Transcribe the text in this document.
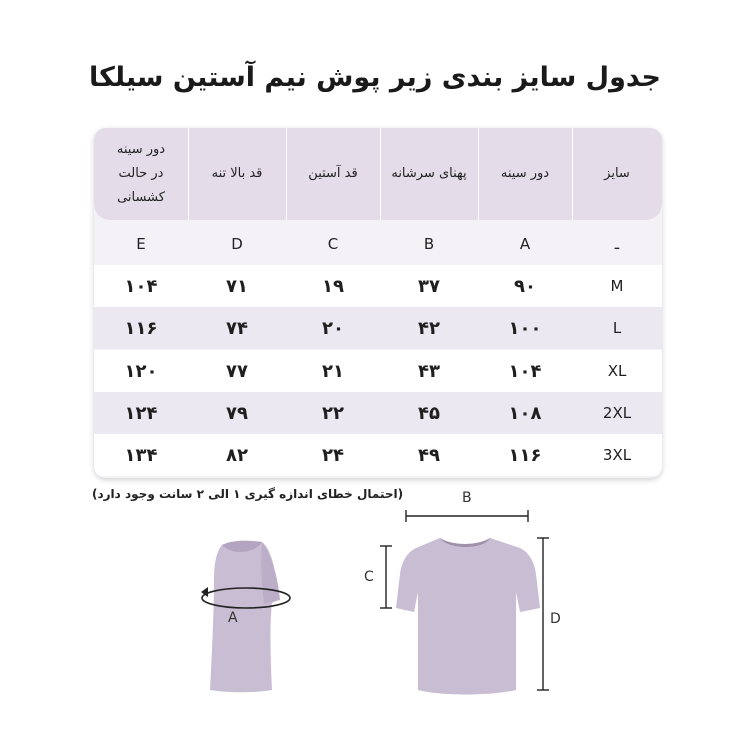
جدول سایز بندی زیر پوش نیم آستین سیلکا
سایز
دور سینه
پهنای سرشانه
قد آستین
قد بالا تنه
دور سینه
در حالت
کشسانی
ـ
A
B
C
D
E
M
۹۰
۳۷
۱۹
۷۱
۱۰۴
L
۱۰۰
۴۲
۲۰
۷۴
۱۱۶
XL
۱۰۴
۴۳
۲۱
۷۷
۱۲۰
2XL
۱۰۸
۴۵
۲۲
۷۹
۱۲۴
3XL
۱۱۶
۴۹
۲۴
۸۲
۱۳۴
(احتمال خطای اندازه گیری ۱ الی ۲ سانت وجود دارد)
A
B
C
D
